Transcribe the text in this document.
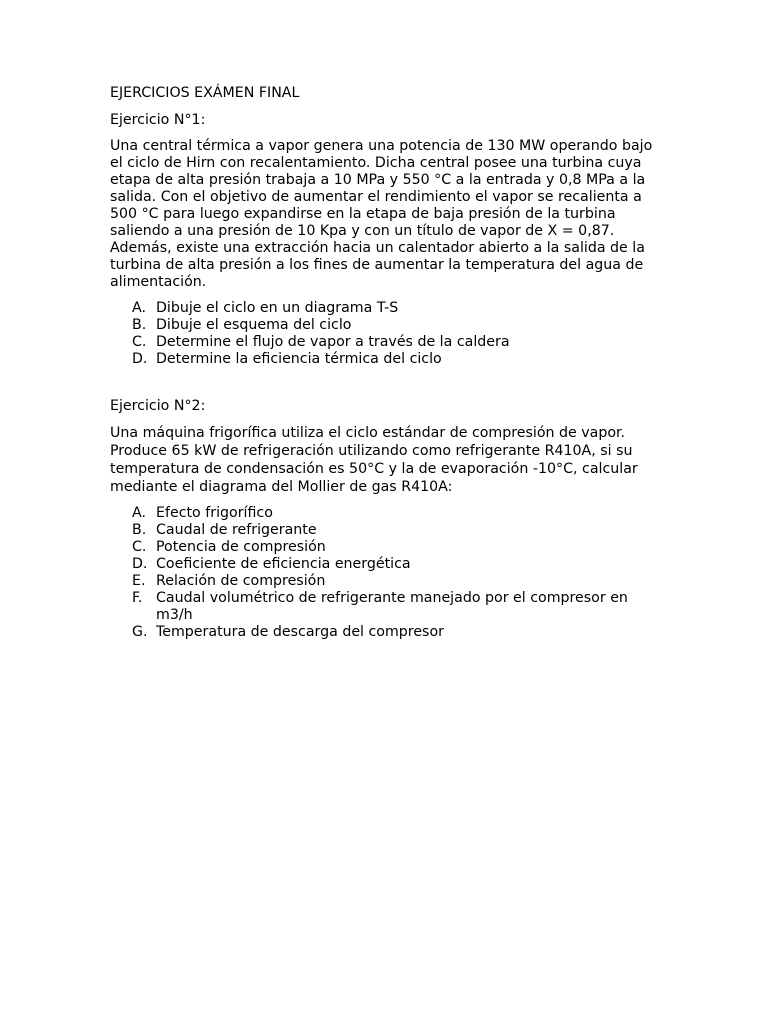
EJERCICIOS EXÁMEN FINAL
Ejercicio N°1:
Una central térmica a vapor genera una potencia de 130 MW operando bajo el ciclo de Hirn con recalentamiento. Dicha central posee una turbina cuya etapa de alta presión trabaja a 10 MPa y 550 °C a la entrada y 0,8 MPa a la salida. Con el objetivo de aumentar el rendimiento el vapor se recalienta a 500 °C para luego expandirse en la etapa de baja presión de la turbina saliendo a una presión de 10 Kpa y con un título de vapor de X = 0,87. Además, existe una extracción hacia un calentador abierto a la salida de la turbina de alta presión a los fines de aumentar la temperatura del agua de alimentación.
A. Dibuje el ciclo en un diagrama T-S
B. Dibuje el esquema del ciclo
C. Determine el flujo de vapor a través de la caldera
D. Determine la eficiencia térmica del ciclo
Ejercicio N°2:
Una máquina frigorífica utiliza el ciclo estándar de compresión de vapor. Produce 65 kW de refrigeración utilizando como refrigerante R410A, si su temperatura de condensación es 50°C y la de evaporación -10°C, calcular mediante el diagrama del Mollier de gas R410A:
A. Efecto frigorífico
B. Caudal de refrigerante
C. Potencia de compresión
D. Coeficiente de eficiencia energética
E. Relación de compresión
F. Caudal volumétrico de refrigerante manejado por el compresor en m3/h
G. Temperatura de descarga del compresor
